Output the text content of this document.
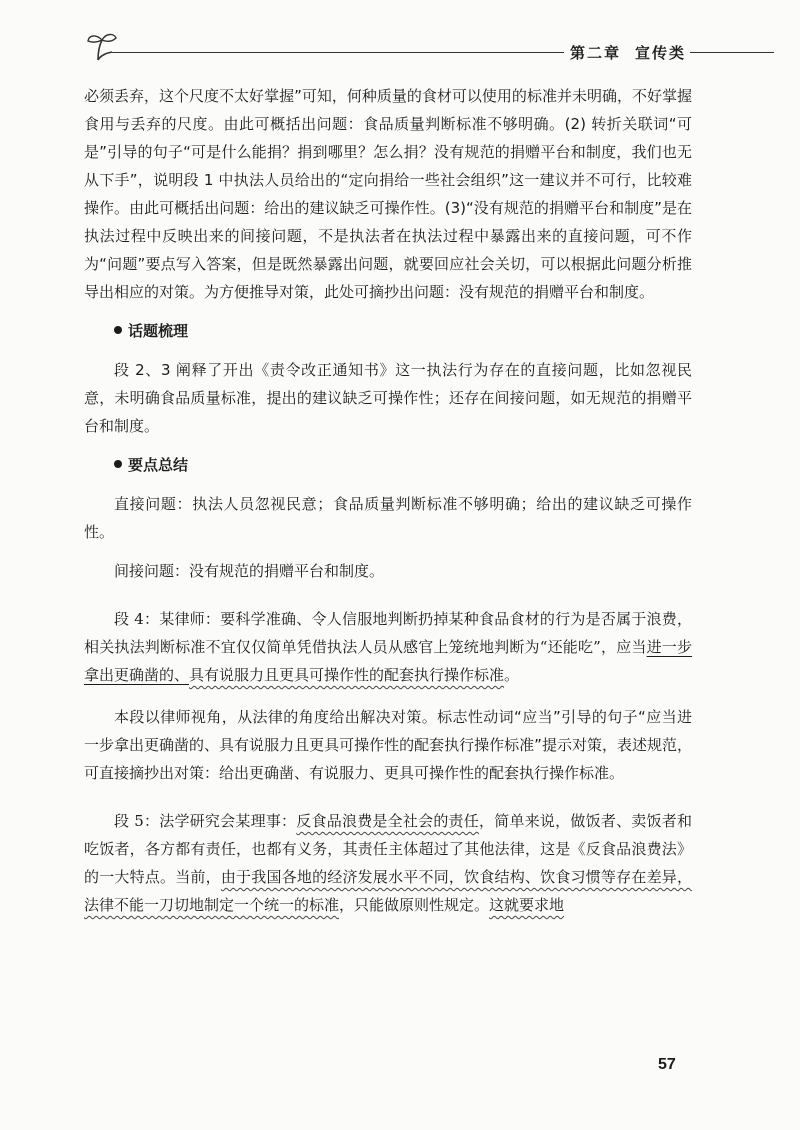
第二章 宣传类

必须丢弃，这个尺度不太好掌握”可知，何种质量的食材可以使用的标准并未明确，不好掌握食用与丢弃的尺度。由此可概括出问题：食品质量判断标准不够明确。(2) 转折关联词“可是”引导的句子“可是什么能捐？捐到哪里？怎么捐？没有规范的捐赠平台和制度，我们也无从下手”，说明段 1 中执法人员给出的“定向捐给一些社会组织”这一建议并不可行，比较难操作。由此可概括出问题：给出的建议缺乏可操作性。(3)“没有规范的捐赠平台和制度”是在执法过程中反映出来的间接问题，不是执法者在执法过程中暴露出来的直接问题，可不作为“问题”要点写入答案，但是既然暴露出问题，就要回应社会关切，可以根据此问题分析推导出相应的对策。为方便推导对策，此处可摘抄出问题：没有规范的捐赠平台和制度。

话题梳理

段 2、3 阐释了开出《责令改正通知书》这一执法行为存在的直接问题，比如忽视民意，未明确食品质量标准，提出的建议缺乏可操作性；还存在间接问题，如无规范的捐赠平台和制度。

要点总结

直接问题：执法人员忽视民意；食品质量判断标准不够明确；给出的建议缺乏可操作性。

间接问题：没有规范的捐赠平台和制度。

段 4：某律师：要科学准确、令人信服地判断扔掉某种食品食材的行为是否属于浪费，相关执法判断标准不宜仅仅简单凭借执法人员从感官上笼统地判断为“还能吃”，应当进一步拿出更确凿的、具有说服力且更具可操作性的配套执行操作标准。

本段以律师视角，从法律的角度给出解决对策。标志性动词“应当”引导的句子“应当进一步拿出更确凿的、具有说服力且更具可操作性的配套执行操作标准”提示对策，表述规范，可直接摘抄出对策：给出更确凿、有说服力、更具可操作性的配套执行操作标准。

段 5：法学研究会某理事：反食品浪费是全社会的责任，简单来说，做饭者、卖饭者和吃饭者，各方都有责任，也都有义务，其责任主体超过了其他法律，这是《反食品浪费法》的一大特点。当前，由于我国各地的经济发展水平不同，饮食结构、饮食习惯等存在差异，法律不能一刀切地制定一个统一的标准，只能做原则性规定。这就要求地

57
